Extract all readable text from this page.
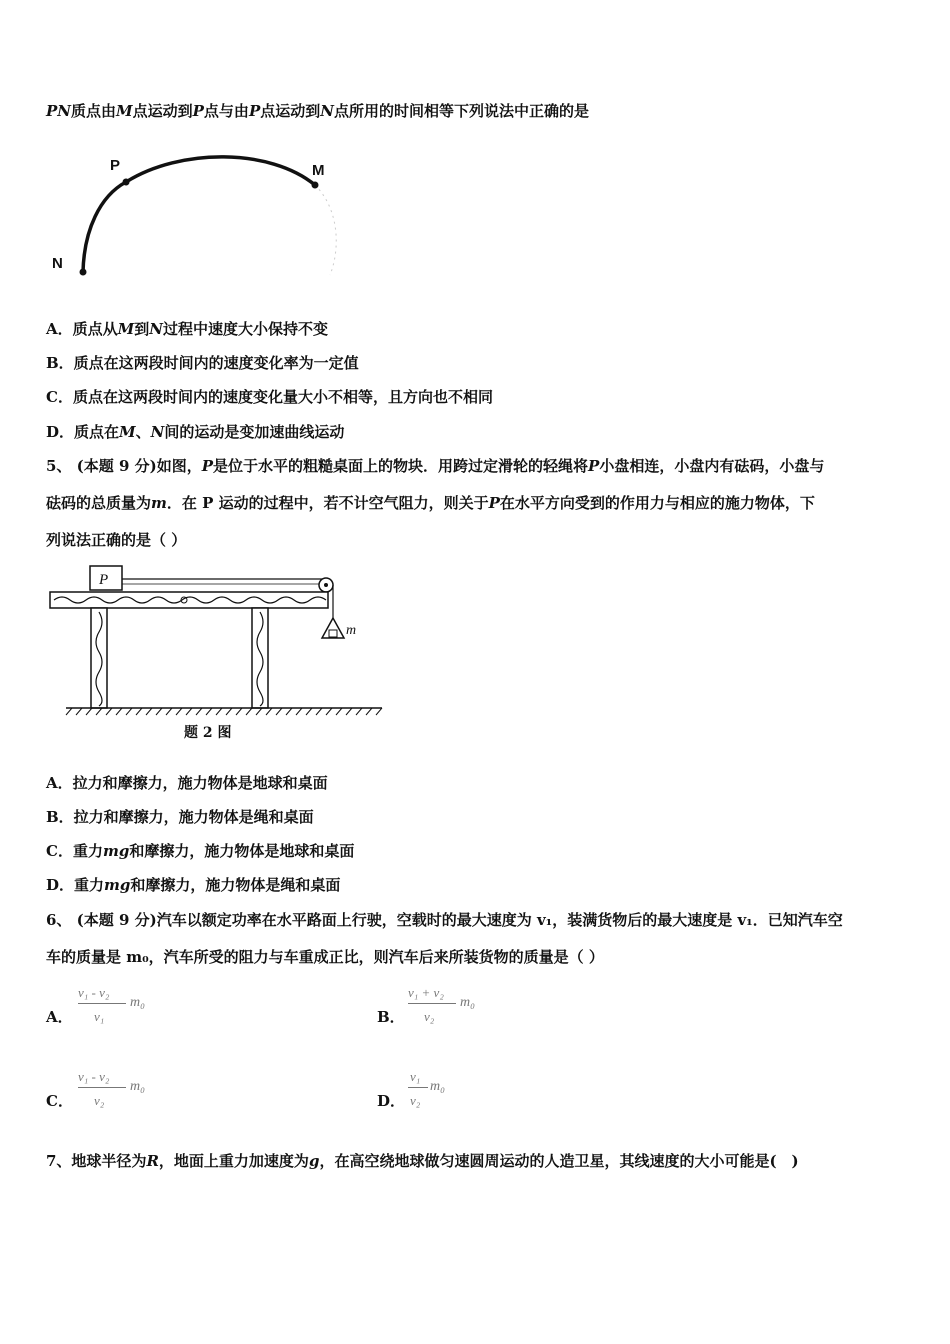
PN质点由M点运动到P点与由P点运动到N点所用的时间相等下列说法中正确的是
N
P	M
A．质点从M到N过程中速度大小保持不变
B．质点在这两段时间内的速度变化率为一定值
C．质点在这两段时间内的速度变化量大小不相等，且方向也不相同
D．质点在M、N间的运动是变加速曲线运动
5、 (本题 9 分)如图，P是位于水平的粗糙桌面上的物块．用跨过定滑轮的轻绳将P小盘相连，小盘内有砝码，小盘与
砝码的总质量为m．在 P 运动的过程中，若不计空气阻力，则关于P在水平方向受到的作用力与相应的施力物体，下
列说法正确的是（ ）
P
m
题 2 图
A．拉力和摩擦力，施力物体是地球和桌面
B．拉力和摩擦力，施力物体是绳和桌面
C．重力mg和摩擦力，施力物体是地球和桌面
D．重力mg和摩擦力，施力物体是绳和桌面
6、 (本题 9 分)汽车以额定功率在水平路面上行驶，空载时的最大速度为 v₁，装满货物后的最大速度是 v₁．已知汽车空
车的质量是 m₀，汽车所受的阻力与车重成正比，则汽车后来所装货物的质量是（ ）
A．
v₁ - v₂
v₁
m₀
B．
v₁ + v₂
v₂
m₀
C．
v₁ - v₂
v₂
m₀
D．
v₁
v₂
m₀
7、地球半径为R，地面上重力加速度为g，在高空绕地球做匀速圆周运动的人造卫星，其线速度的大小可能是(　)
